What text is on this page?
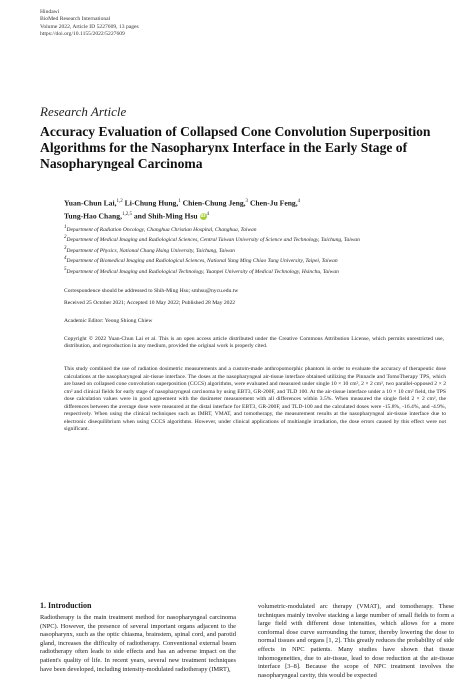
Hindawi
BioMed Research International
Volume 2022, Article ID 5227609, 13 pages
https://doi.org/10.1155/2022/5227609
Research Article
Accuracy Evaluation of Collapsed Cone Convolution Superposition Algorithms for the Nasopharynx Interface in the Early Stage of Nasopharyngeal Carcinoma
Yuan-Chun Lai,$^{1,2}$ Li-Chung Hung,$^1$ Chien-Chung Jeng,$^3$ Chen-Ju Feng,$^4$
Tung-Hao Chang,$^{1,2,5}$ and Shih-Ming Hsu $iD^4$
$^1$Department of Radiation Oncology, Changhua Christian Hospital, Changhua, Taiwan
$^2$Department of Medical Imaging and Radiological Sciences, Central Taiwan University of Science and Technology, Taichung, Taiwan
$^3$Department of Physics, National Chung Hsing University, Taichung, Taiwan
$^4$Department of Biomedical Imaging and Radiological Sciences, National Yang Ming Chiao Tung University, Taipei, Taiwan
$^5$Department of Medical Imaging and Radiological Technology, Yuanpei University of Medical Technology, Hsinchu, Taiwan
Correspondence should be addressed to Shih-Ming Hsu; smhsu@nycu.edu.tw
Received 25 October 2021; Accepted 10 May 2022; Published 28 May 2022
Academic Editor: Yeong Shiong Chiew
Copyright © 2022 Yuan-Chun Lai et al. This is an open access article distributed under the Creative Commons Attribution License, which permits unrestricted use, distribution, and reproduction in any medium, provided the original work is properly cited.
This study combined the use of radiation dosimetric measurements and a custom-made anthropomorphic phantom in order to evaluate the accuracy of therapeutic dose calculations at the nasopharyngeal air-tissue interface. The doses at the nasopharyngeal air-tissue interface obtained utilizing the Pinnacle and TomoTherapy TPS, which are based on collapsed cone convolution superposition (CCCS) algorithms, were evaluated and measured under single 10 × 10 cm², 2 × 2 cm², two parallel-opposed 2 × 2 cm² and clinical fields for early stage of nasopharyngeal carcinoma by using EBT3, GR-200F, and TLD 100. At the air-tissue interface under a 10 × 10 cm² field, the TPS dose calculation values were in good agreement with the dosimeter measurement with all differences within 3.5%. When measured the single field 2 × 2 cm², the differences between the average dose were measured at the distal interface for EBT3, GR-200F, and TLD-100 and the calculated doses were -15.8%, -16.4%, and -4.9%, respectively. When using the clinical techniques such as IMRT, VMAT, and tomotherapy, the measurement results at the nasopharyngeal air-tissue interface due to electronic disequilibrium when using CCCS algorithms. However, under clinical applications of multiangle irradiation, the dose errors caused by this effect were not significant.
1. Introduction
Radiotherapy is the main treatment method for nasopharyngeal carcinoma (NPC). However, the presence of several important organs adjacent to the nasopharynx, such as the optic chiasma, brainstem, spinal cord, and parotid gland, increases the difficulty of radiotherapy. Conventional external beam radiotherapy often leads to side effects and has an adverse impact on the patient's quality of life. In recent years, several new treatment techniques have been developed, including intensity-modulated radiotherapy (IMRT),
volumetric-modulated arc therapy (VMAT), and tomotherapy. These techniques mainly involve stacking a large number of small fields to form a large field with different dose intensities, which allows for a more conformal dose curve surrounding the tumor, thereby lowering the dose to normal tissues and organs [1, 2]. This greatly reduces the probability of side effects in NPC patients. Many studies have shown that tissue inhomogeneities, due to air-tissue, lead to dose reduction at the air-tissue interface [3–8]. Because the scope of NPC treatment involves the nasopharyngeal cavity, this would be expected
